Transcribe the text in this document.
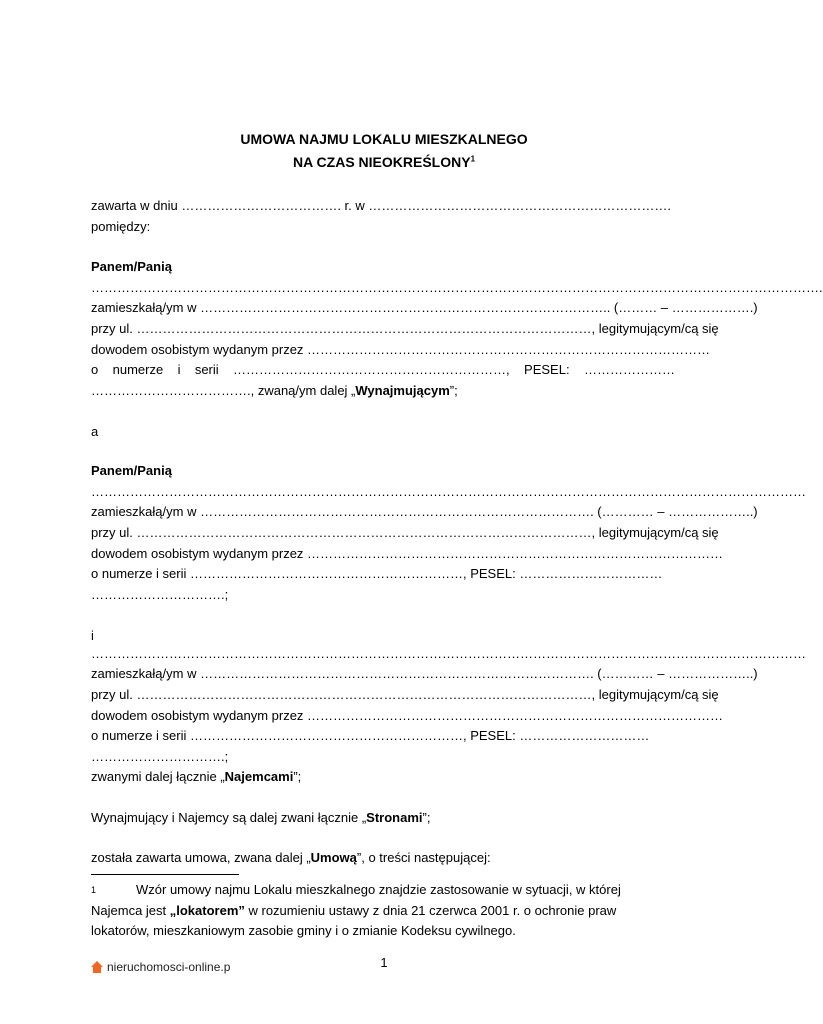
UMOWA NAJMU LOKALU MIESZKALNEGO
NA CZAS NIEOKREŚLONY$^1$
zawarta w dniu ………………………………. r. w …………………………………………………………….
pomiędzy:
Panem/Panią
…………………………………………………………………………………………………………………………………………………….
zamieszkałą/ym w ………………………………………………………………………………….. (……… – ……………….)
przy ul. ……………………………………………………………………………………………, legitymującym/cą się
dowodem osobistym wydanym przez …………………………………………………………………………………
o numerze i serii ………………………………………………………, PESEL: …………………
………………………………., zwaną/ym dalej „Wynajmującym”;
a
Panem/Panią
…………………………………………………………………………………………………………………………………………………
zamieszkałą/ym w ………………………………………………………………………………. (………… – ………………..)
przy ul. ……………………………………………………………………………………………, legitymującym/cą się
dowodem osobistym wydanym przez ……………………………………………………………………………………
o numerze i serii ………………………………………………………, PESEL: ……………………………
………………………….;
i
…………………………………………………………………………………………………………………………………………………
zamieszkałą/ym w ………………………………………………………………………………. (………… – ………………..)
przy ul. ……………………………………………………………………………………………, legitymującym/cą się
dowodem osobistym wydanym przez ……………………………………………………………………………………
o numerze i serii ………………………………………………………, PESEL: …………………………
………………………….;
zwanymi dalej łącznie „Najemcami”;
Wynajmujący i Najemcy są dalej zwani łącznie „Stronami”;
została zawarta umowa, zwana dalej „Umową”, o treści następującej:
$^1$	Wzór umowy najmu Lokalu mieszkalnego znajdzie zastosowanie w sytuacji, w której
Najemca jest „lokatorem” w rozumieniu ustawy z dnia 21 czerwca 2001 r. o ochronie praw
lokatorów, mieszkaniowym zasobie gminy i o zmianie Kodeksu cywilnego.
nieruchomosci-online.p	1
